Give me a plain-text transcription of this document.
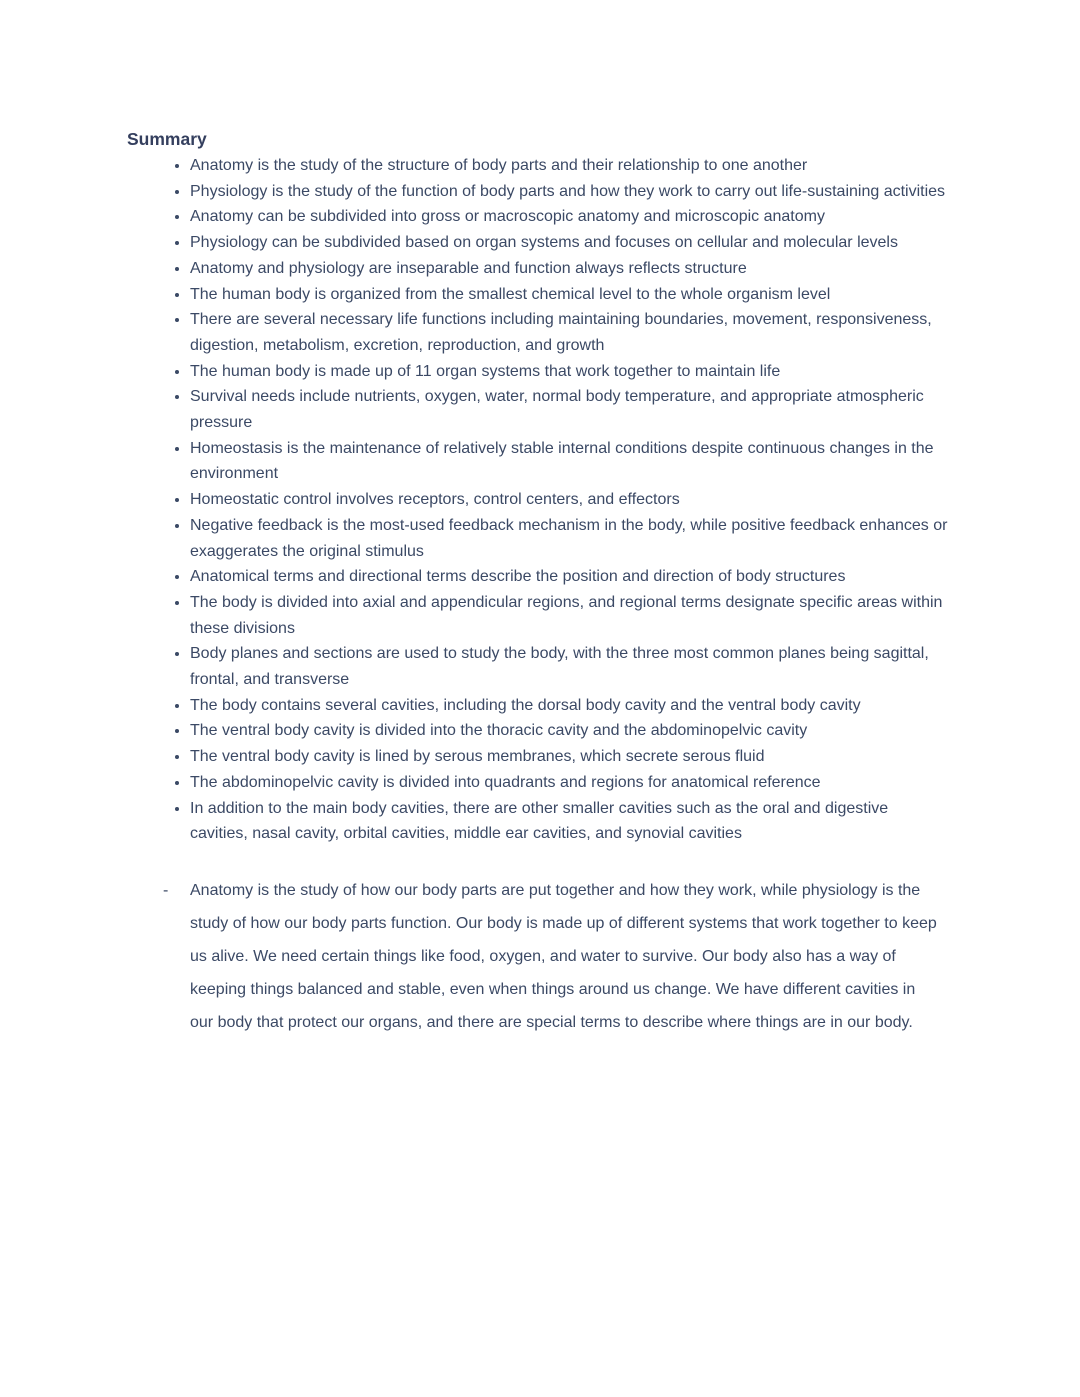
Summary
• Anatomy is the study of the structure of body parts and their relationship to one another
• Physiology is the study of the function of body parts and how they work to carry out life-sustaining activities
• Anatomy can be subdivided into gross or macroscopic anatomy and microscopic anatomy
• Physiology can be subdivided based on organ systems and focuses on cellular and molecular levels
• Anatomy and physiology are inseparable and function always reflects structure
• The human body is organized from the smallest chemical level to the whole organism level
• There are several necessary life functions including maintaining boundaries, movement, responsiveness, digestion, metabolism, excretion, reproduction, and growth
• The human body is made up of 11 organ systems that work together to maintain life
• Survival needs include nutrients, oxygen, water, normal body temperature, and appropriate atmospheric pressure
• Homeostasis is the maintenance of relatively stable internal conditions despite continuous changes in the environment
• Homeostatic control involves receptors, control centers, and effectors
• Negative feedback is the most-used feedback mechanism in the body, while positive feedback enhances or exaggerates the original stimulus
• Anatomical terms and directional terms describe the position and direction of body structures
• The body is divided into axial and appendicular regions, and regional terms designate specific areas within these divisions
• Body planes and sections are used to study the body, with the three most common planes being sagittal, frontal, and transverse
• The body contains several cavities, including the dorsal body cavity and the ventral body cavity
• The ventral body cavity is divided into the thoracic cavity and the abdominopelvic cavity
• The ventral body cavity is lined by serous membranes, which secrete serous fluid
• The abdominopelvic cavity is divided into quadrants and regions for anatomical reference
• In addition to the main body cavities, there are other smaller cavities such as the oral and digestive cavities, nasal cavity, orbital cavities, middle ear cavities, and synovial cavities
-	Anatomy is the study of how our body parts are put together and how they work, while physiology is the study of how our body parts function. Our body is made up of different systems that work together to keep us alive. We need certain things like food, oxygen, and water to survive. Our body also has a way of keeping things balanced and stable, even when things around us change. We have different cavities in our body that protect our organs, and there are special terms to describe where things are in our body.
